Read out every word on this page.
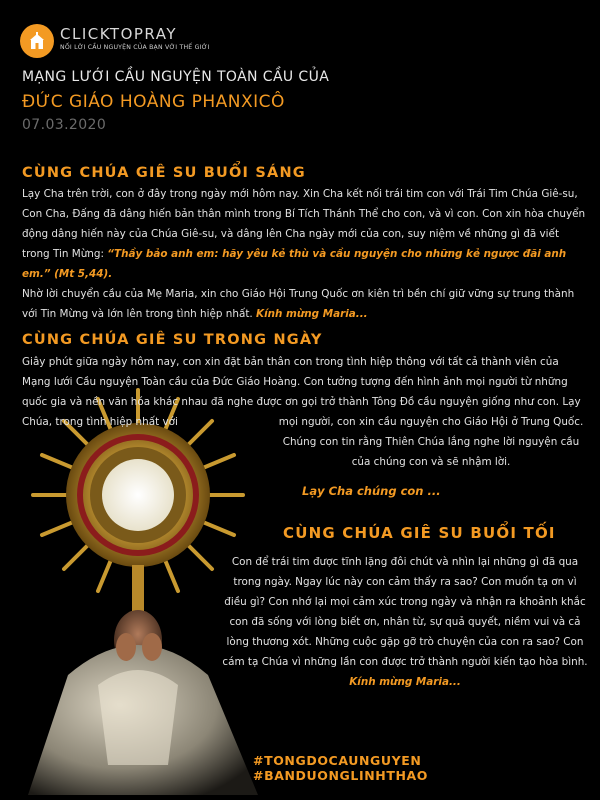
CLICKTOPRAY
NỐI LỜI CẦU NGUYỆN CỦA BẠN VỚI THẾ GIỚI
MẠNG LƯỚI CẦU NGUYỆN TOÀN CẦU CỦA
ĐỨC GIÁO HOÀNG PHANXICÔ
07.03.2020
CÙNG CHÚA GIÊ SU BUỔI SÁNG
Lạy Cha trên trời, con ở đây trong ngày mới hôm nay. Xin Cha kết nối trái tim con với Trái Tim Chúa Giê-su, Con Cha, Đấng đã dâng hiến bản thân mình trong Bí Tích Thánh Thể cho con, và vì con. Con xin hòa chuyển động dâng hiến này của Chúa Giê-su, và dâng lên Cha ngày mới của con, suy niệm về những gì đã viết trong Tin Mừng: “Thầy bảo anh em: hãy yêu kẻ thù và cầu nguyện cho những kẻ ngược đãi anh em.” (Mt 5,44).
Nhờ lời chuyển cầu của Mẹ Maria, xin cho Giáo Hội Trung Quốc ơn kiên trì bền chí giữ vững sự trung thành với Tin Mừng và lớn lên trong tình hiệp nhất. Kính mừng Maria...
CÙNG CHÚA GIÊ SU TRONG NGÀY
Giây phút giữa ngày hôm nay, con xin đặt bản thân con trong tình hiệp thông với tất cả thành viên của Mạng lưới Cầu nguyện Toàn cầu của Đức Giáo Hoàng. Con tưởng tượng đến hình ảnh mọi người từ những quốc gia và nền văn hóa khác nhau đã nghe được ơn gọi trở thành Tông Đồ cầu nguyện giống như con. Lạy Chúa, trong tình hiệp nhất với	mọi người, con xin cầu nguyện cho Giáo Hội ở Trung Quốc. Chúng con tin rằng Thiên Chúa lắng nghe lời nguyện cầu của chúng con và sẽ nhậm lời.
Lạy Cha chúng con ...
CÙNG CHÚA GIÊ SU BUỔI TỐI
Con để trái tim được tĩnh lặng đôi chút và nhìn lại những gì đã qua trong ngày. Ngay lúc này con cảm thấy ra sao? Con muốn tạ ơn vì điều gì? Con nhớ lại mọi cảm xúc trong ngày và nhận ra khoảnh khắc con đã sống với lòng biết ơn, nhân từ, sự quả quyết, niềm vui và cả lòng thương xót. Những cuộc gặp gỡ trò chuyện của con ra sao? Con cám tạ Chúa vì những lần con được trở thành người kiến tạo hòa bình. Kính mừng Maria...
#TONGDOCAUNGUYEN #BANDUONGLINHTHAO
